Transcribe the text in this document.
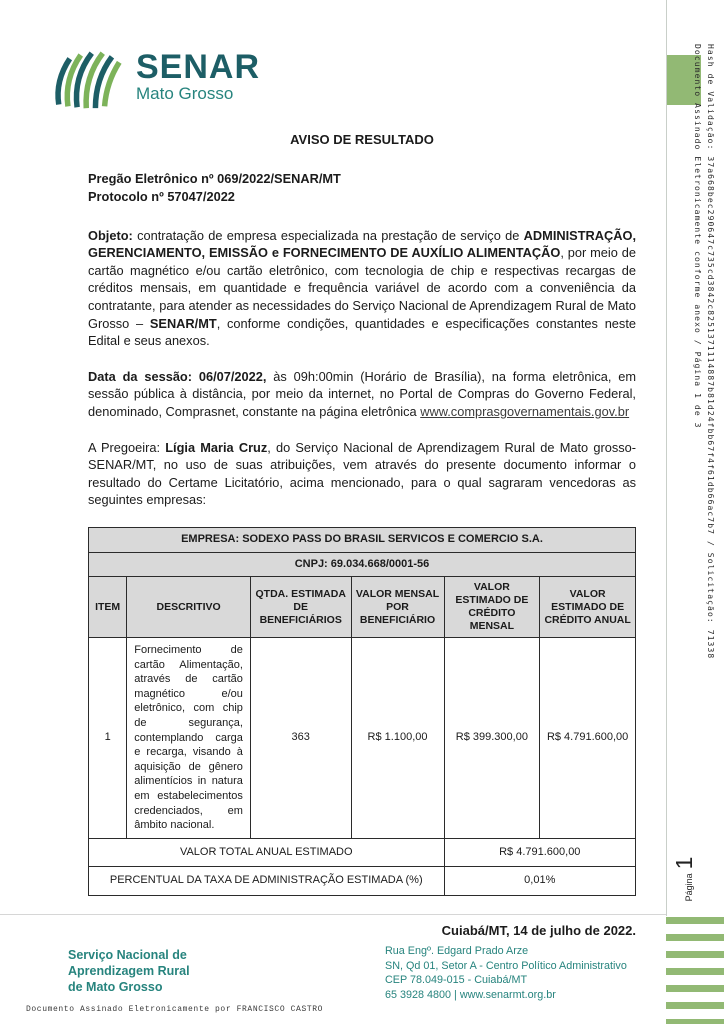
SENAR
Mato Grosso
AVISO DE RESULTADO
Pregão Eletrônico nº 069/2022/SENAR/MT
Protocolo nº 57047/2022

Objeto: contratação de empresa especializada na prestação de serviço de ADMINISTRAÇÃO, GERENCIAMENTO, EMISSÃO e FORNECIMENTO DE AUXÍLIO ALIMENTAÇÃO, por meio de cartão magnético e/ou cartão eletrônico, com tecnologia de chip e respectivas recargas de créditos mensais, em quantidade e frequência variável de acordo com a conveniência da contratante, para atender as necessidades do Serviço Nacional de Aprendizagem Rural de Mato Grosso – SENAR/MT, conforme condições, quantidades e especificações constantes neste Edital e seus anexos.

Data da sessão: 06/07/2022, às 09h:00min (Horário de Brasília), na forma eletrônica, em sessão pública à distância, por meio da internet, no Portal de Compras do Governo Federal, denominado, Comprasnet, constante na página eletrônica www.comprasgovernamentais.gov.br

A Pregoeira: Lígia Maria Cruz, do Serviço Nacional de Aprendizagem Rural de Mato grosso- SENAR/MT, no uso de suas atribuições, vem através do presente documento informar o resultado do Certame Licitatório, acima mencionado, para o qual sagraram vencedoras as seguintes empresas:

EMPRESA: SODEXO PASS DO BRASIL SERVICOS E COMERCIO S.A.					
CNPJ: 69.034.668/0001-56					
ITEM	DESCRITIVO	QTDA. ESTIMADA DE BENEFICIÁRIOS	VALOR MENSAL POR BENEFICIÁRIO	VALOR ESTIMADO DE CRÉDITO MENSAL	VALOR ESTIMADO DE CRÉDITO ANUAL
1	Fornecimento de cartão Alimentação, através de cartão magnético e/ou eletrônico, com chip de segurança, contemplando carga e recarga, visando à aquisição de gênero alimentícios in natura em estabelecimentos credenciados, em âmbito nacional.	363	R$ 1.100,00	R$ 399.300,00	R$ 4.791.600,00
VALOR TOTAL ANUAL ESTIMADO				R$ 4.791.600,00	
PERCENTUAL DA TAXA DE ADMINISTRAÇÃO ESTIMADA (%)				0,01%	
Cuiabá/MT, 14 de julho de 2022.
Serviço Nacional de
Aprendizagem Rural
de Mato Grosso
Rua Engº. Edgard Prado Arze
SN, Qd 01, Setor A - Centro Político Administrativo
CEP 78.049-015 - Cuiabá/MT
65 3928 4800 | www.senarmt.org.br
Documento Assinado Eletronicamente por FRANCISCO CASTRO
Hash de Validação: 37a668bec290647c735cd3842c8251371114887b81d24fbb67f4f61db66ac7b7 / Solicitação: 71338
Documento Assinado Eletronicamente conforme anexo / Página 1 de 3
Página
1
